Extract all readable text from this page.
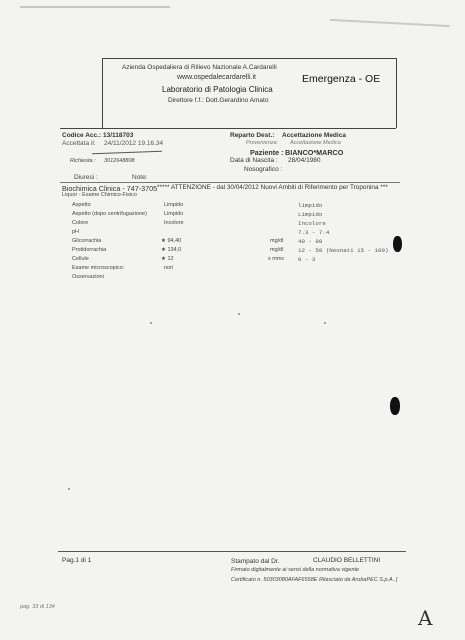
Azienda Ospedaliera di Rilievo Nazionale A.Cardarelli
www.ospedalecardarelli.it
Laboratorio di Patologia Clinica
Direttore f.f.: Dott.Gerardino Amato
Emergenza - OE
Codice Acc.: 13/118703
Accettata il: 24/11/2012 19.16.34
Richiesta : 3012648808
Diuresi :	Note:
Reparto Dest.: Accettazione Medica
Provenienza: Accettazione Medica
Paziente : BIANCO*MARCO
Data di Nascita : 28/04/1980
Nosografico :
Biochimica Clinica - 747-3705
Liquor - Esame Chimico-Fisico
***** ATTENZIONE - dal 30/04/2012 Nuovi Ambiti di Riferimento per Troponina ***
Aspetto	Limpido	limpido
Aspetto (dopo centrifugazione)	Limpido	Limpido
Colore	Incolore	Incolore
pH	7.3 - 7.4
Glicorrachia	★ 94,40	mg/dl	40 - 80
Protidorrachia	★ 134,0	mg/dl	12 - 50 (Neonati 15 - 100)
Cellule	★ 12	x mmc 0 - 3
Esame microscopico:	nori
Osservazioni
Pag.1 di 1	Stampato dal Dr.	CLAUDIO BELLETTINI
Firmato digitalmente ai sensi della normativa vigente
Certificato n. 50303080AFAF6558E Rilasciato da ArubaPEC S.p.A. ]
pag. 33 di 134	A
